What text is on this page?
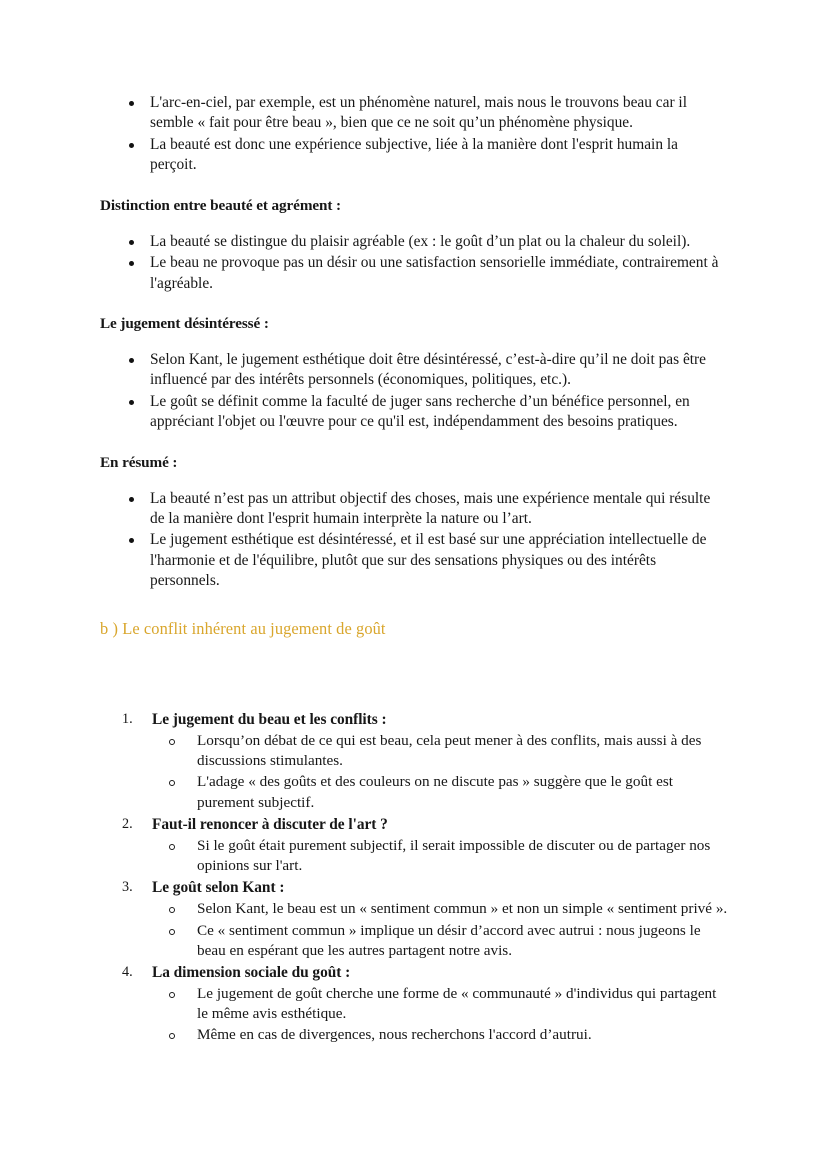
L'arc-en-ciel, par exemple, est un phénomène naturel, mais nous le trouvons beau car il semble « fait pour être beau », bien que ce ne soit qu’un phénomène physique.
La beauté est donc une expérience subjective, liée à la manière dont l'esprit humain la perçoit.
Distinction entre beauté et agrément :
La beauté se distingue du plaisir agréable (ex : le goût d’un plat ou la chaleur du soleil).
Le beau ne provoque pas un désir ou une satisfaction sensorielle immédiate, contrairement à l'agréable.
Le jugement désintéressé :
Selon Kant, le jugement esthétique doit être désintéressé, c’est-à-dire qu’il ne doit pas être influencé par des intérêts personnels (économiques, politiques, etc.).
Le goût se définit comme la faculté de juger sans recherche d’un bénéfice personnel, en appréciant l'objet ou l'œuvre pour ce qu'il est, indépendamment des besoins pratiques.
En résumé :
La beauté n’est pas un attribut objectif des choses, mais une expérience mentale qui résulte de la manière dont l'esprit humain interprète la nature ou l’art.
Le jugement esthétique est désintéressé, et il est basé sur une appréciation intellectuelle de l'harmonie et de l'équilibre, plutôt que sur des sensations physiques ou des intérêts personnels.
b ) Le conflit inhérent au jugement de goût
1.	Le jugement du beau et les conflits :
Lorsqu’on débat de ce qui est beau, cela peut mener à des conflits, mais aussi à des discussions stimulantes.
L'adage « des goûts et des couleurs on ne discute pas » suggère que le goût est purement subjectif.
2.	Faut-il renoncer à discuter de l'art ?
Si le goût était purement subjectif, il serait impossible de discuter ou de partager nos opinions sur l'art.
3.	Le goût selon Kant :
Selon Kant, le beau est un « sentiment commun » et non un simple « sentiment privé ».
Ce « sentiment commun » implique un désir d’accord avec autrui : nous jugeons le beau en espérant que les autres partagent notre avis.
4.	La dimension sociale du goût :
Le jugement de goût cherche une forme de « communauté » d'individus qui partagent le même avis esthétique.
Même en cas de divergences, nous recherchons l'accord d’autrui.
